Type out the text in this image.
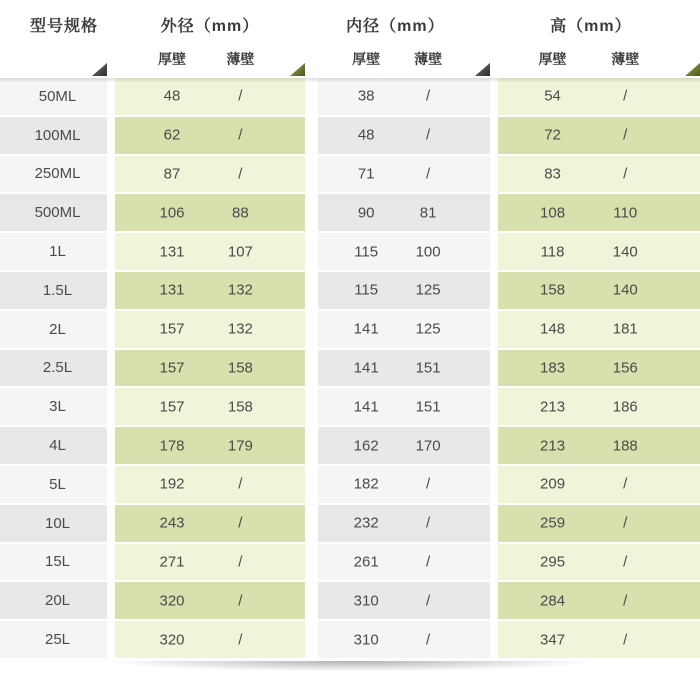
型号规格	外径（mm）
厚壁	薄壁
内径（mm）
厚壁 薄壁
高（mm）
厚壁	薄壁
50ML	48	/	38	/	54	/
100ML	62	/	48	/	72	/
250ML	87	/	71	/	83	/
500ML	106	88	90	81	108	110
1L	131	107	115 100	118	140
1.5L	131	132	115 125	158	140
2L	157	132	141 125	148	181
2.5L	157	158	141 151	183	156
3L	157	158	141 151	213	186
4L	178	179	162 170	213	188
5L	192	/	182	/	209	/
10L	243	/	232	/	259	/
15L	271	/	261	/	295	/
20L	320	/	310	/	284	/
25L	320	/	310	/	347	/
